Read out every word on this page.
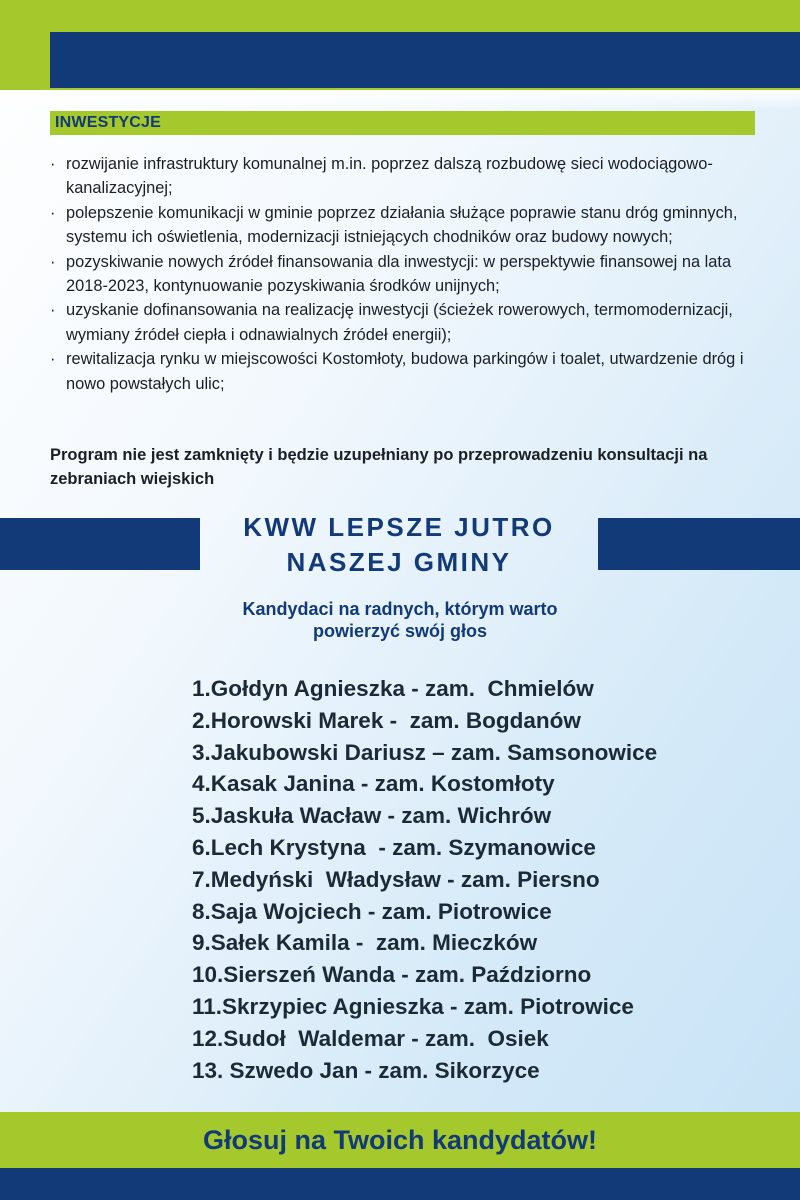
INWESTYCJE
· rozwijanie infrastruktury komunalnej m.in. poprzez dalszą rozbudowę sieci wodociągowo-kanalizacyjnej;
· polepszenie komunikacji w gminie poprzez działania służące poprawie stanu dróg gminnych, systemu ich oświetlenia, modernizacji istniejących chodników oraz budowy nowych;
· pozyskiwanie nowych źródeł finansowania dla inwestycji: w perspektywie finansowej na lata 2018-2023, kontynuowanie pozyskiwania środków unijnych;
· uzyskanie dofinansowania na realizację inwestycji (ścieżek rowerowych, termomodernizacji, wymiany źródeł ciepła i odnawialnych źródeł energii);
· rewitalizacja rynku w miejscowości Kostomłoty, budowa parkingów i toalet, utwardzenie dróg i nowo powstałych ulic;
Program nie jest zamknięty i będzie uzupełniany po przeprowadzeniu konsultacji na zebraniach wiejskich
KWW LEPSZE JUTRO
NASZEJ GMINY
Kandydaci na radnych, którym warto
powierzyć swój głos
1.Gołdyn Agnieszka - zam.  Chmielów
2.Horowski Marek -  zam. Bogdanów
3.Jakubowski Dariusz – zam. Samsonowice
4.Kasak Janina - zam. Kostomłoty
5.Jaskuła Wacław - zam. Wichrów
6.Lech Krystyna  - zam. Szymanowice
7.Medyński  Władysław - zam. Piersno
8.Saja Wojciech - zam. Piotrowice
9.Sałek Kamila -  zam. Mieczków
10.Sierszeń Wanda - zam. Paździorno
11.Skrzypiec Agnieszka - zam. Piotrowice
12.Sudoł  Waldemar - zam.  Osiek
13. Szwedo Jan - zam. Sikorzyce
Głosuj na Twoich kandydatów!
